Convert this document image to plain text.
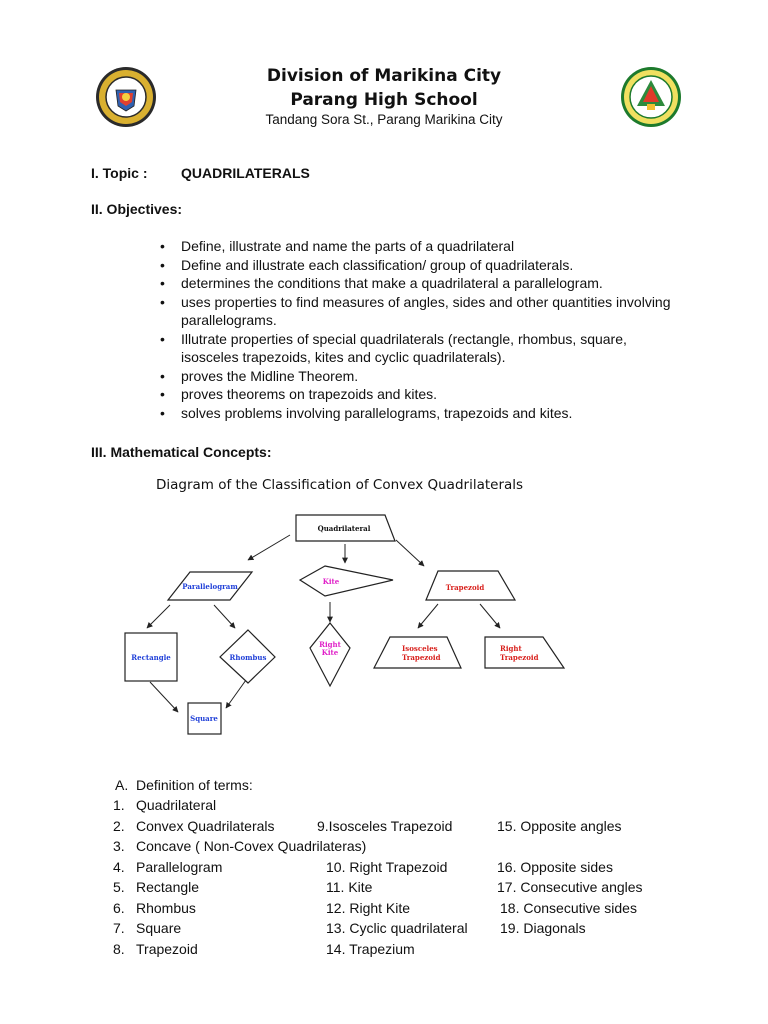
Division of Marikina City
Parang High School
Tandang Sora St., Parang Marikina City
I. Topic : QUADRILATERALS
II. Objectives:
• Define, illustrate and name the parts of a quadrilateral
• Define and illustrate each classification/ group of quadrilaterals.
• determines the conditions that make a quadrilateral a parallelogram.
• uses properties to find measures of angles, sides and other quantities involving parallelograms.
• Illutrate properties of special quadrilaterals (rectangle, rhombus, square, isosceles trapezoids, kites and cyclic quadrilaterals).
• proves the Midline Theorem.
• proves theorems on trapezoids and kites.
• solves problems involving parallelograms, trapezoids and kites.
III. Mathematical Concepts:
Diagram of the Classification of Convex Quadrilaterals
Quadrilateral
Parallelogram
Kite
Trapezoid
Rectangle	Rhombus
Right
Kite	Isosceles
Trapezoid
Right
Trapezoid
Square
A. Definition of terms:
1. Quadrilateral
2. Convex Quadrilaterals
3. Concave ( Non-Covex Quadrilateras)
4. Parallelogram
5. Rectangle
6. Rhombus
7. Square
8. Trapezoid
9.Isosceles Trapezoid
10. Right Trapezoid
11. Kite
12. Right Kite
13. Cyclic quadrilateral
14. Trapezium
15. Opposite angles
16. Opposite sides
17. Consecutive angles
18. Consecutive sides
19. Diagonals
